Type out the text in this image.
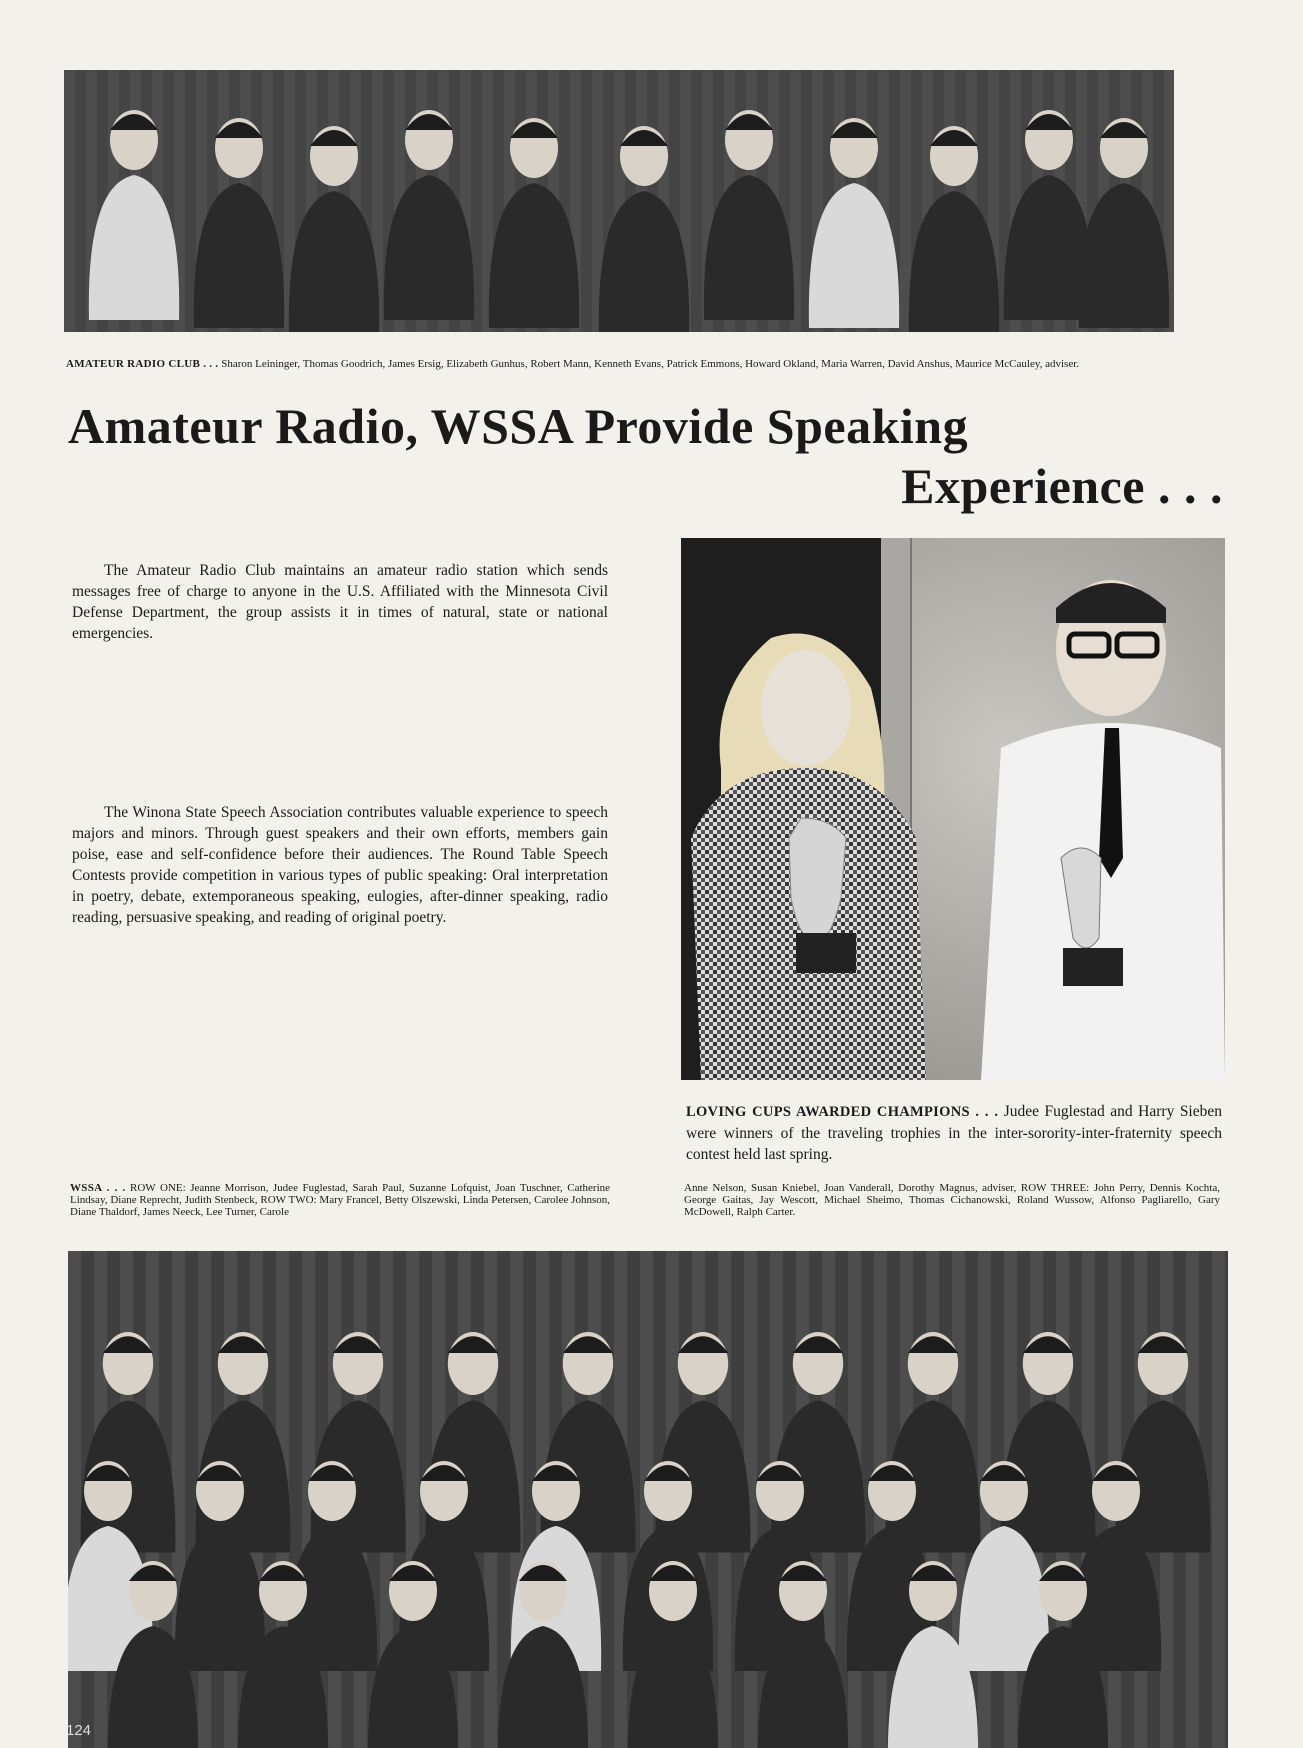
AMATEUR RADIO CLUB . . . Sharon Leininger, Thomas Goodrich, James Ersig, Elizabeth Gunhus, Robert Mann, Kenneth Evans, Patrick Emmons, Howard Okland, Maria Warren, David Anshus, Maurice McCauley, adviser.
Amateur Radio, WSSA Provide Speaking
Experience . . .

The Amateur Radio Club maintains an amateur radio station which sends messages free of charge to anyone in the U.S. Affiliated with the Minnesota Civil Defense Department, the group assists it in times of natural, state or national emergencies.

The Winona State Speech Association contributes valuable experience to speech majors and minors. Through guest speakers and their own efforts, members gain poise, ease and self-confidence before their audiences. The Round Table Speech Contests provide competition in various types of public speaking: Oral interpretation in poetry, debate, extemporaneous speaking, eulogies, after-dinner speaking, radio reading, persuasive speaking, and reading of original poetry.

LOVING CUPS AWARDED CHAMPIONS . . . Judee Fuglestad and Harry Sieben were winners of the traveling trophies in the inter-sorority-inter-fraternity speech contest held last spring.
WSSA . . . ROW ONE: Jeanne Morrison, Judee Fuglestad, Sarah Paul, Suzanne Lofquist, Joan Tuschner, Catherine Lindsay, Diane Reprecht, Judith Stenbeck, ROW TWO: Mary Francel, Betty Olszewski, Linda Petersen, Carolee Johnson, Diane Thaldorf, James Neeck, Lee Turner, Carole
Anne Nelson, Susan Kniebel, Joan Vanderall, Dorothy Magnus, adviser, ROW THREE: John Perry, Dennis Kochta, George Gaitas, Jay Wescott, Michael Sheimo, Thomas Cichanowski, Roland Wussow, Alfonso Pagliarello, Gary McDowell, Ralph Carter.
124
